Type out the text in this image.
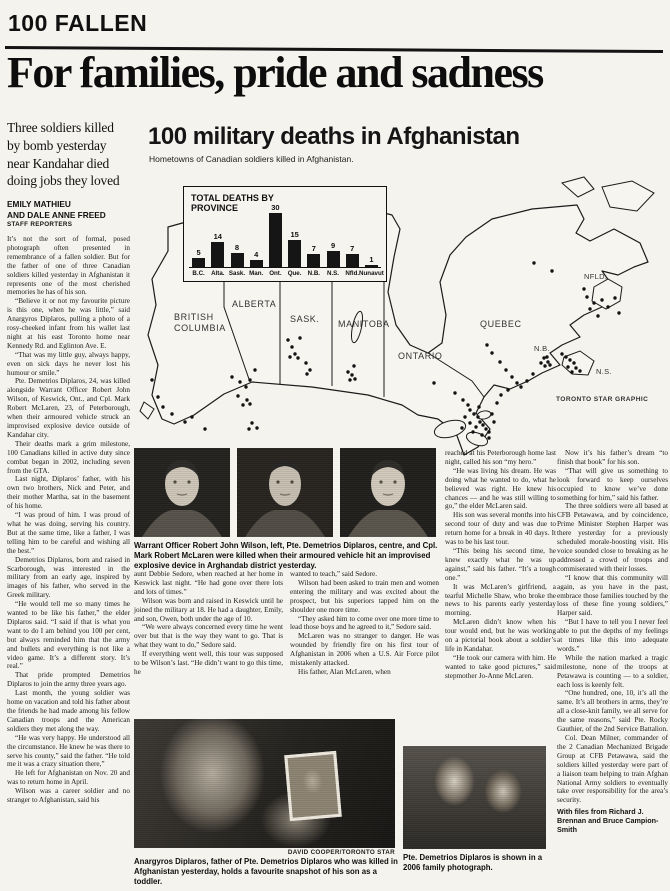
100 FALLEN
For families, pride and sadness
Three soldiers killed by bomb yesterday near Kandahar died doing jobs they loved
EMILY MATHIEU
AND DALE ANNE FREED
STAFF REPORTERS

It’s not the sort of formal, posed photograph often presented in remembrance of a fallen soldier. But for the father of one of three Canadian soldiers killed yesterday in Afghanistan it represents one of the most cherished memories he has of his son.

“Believe it or not my favourite picture is this one, when he was little,” said Anargyros Diplaros, pulling a photo of a rosy-cheeked infant from his wallet last night at his east Toronto home near Kennedy Rd. and Eglinton Ave. E.

“That was my little guy, always happy, even on sick days he never lost his humour or smile.”

Pte. Demetrios Diplaros, 24, was killed alongside Warrant Officer Robert John Wilson, of Keswick, Ont., and Cpl. Mark Robert McLaren, 23, of Peterborough, when their armoured vehicle struck an improvised explosive device outside of Kandahar city.

Their deaths mark a grim milestone, 100 Canadians killed in active duty since combat began in 2002, including seven from the GTA.

Last night, Diplaros’ father, with his own two brothers, Nick and Peter, and their mother Martha, sat in the basement of his home.

“I was proud of him. I was proud of what he was doing, serving his country. But at the same time, like a father, I was telling him to be careful and wishing all the best.”

Demetrios Diplaros, born and raised in Scarborough, was interested in the military from an early age, inspired by images of his father, who served in the Greek military.

“He would tell me so many times he wanted to be like his father,” the elder Diplaros said. “I said if that is what you want to do I am behind you 100 per cent, but always reminded him that the army and bullets and everything is not like a video game. It’s a different story. It’s real.”

That pride prompted Demetrios Diplaros to join the army three years ago.

Last month, the young soldier was home on vacation and told his father about the friends he had made among his fellow Canadian troops and the American soldiers they met along the way.

“He was very happy. He understood all the circumstance. He knew he was there to serve his county,” said the father. “He told me it was a crazy situation there,”

He left for Afghanistan on Nov. 20 and was to return home in April.

Wilson was a career soldier and no stranger to Afghanistan, said his

100 military deaths in Afghanistan
Hometowns of Canadian soldiers killed in Afghanistan.
BRITISH
COLUMBIA
ALBERTA
SASK. MANITOBA
ONTARIO
QUEBEC
N.B.
N.S.
NFLD.
TORONTO STAR GRAPHIC
TOTAL DEATHS BY PROVINCE
5
B.C.
14
Alta.
8
Sask.
4
Man.
30
Ont.
15
Que.
7
N.B.
9
N.S.
7
Nfld.
1
Nunavut
Warrant Officer Robert John Wilson, left, Pte. Demetrios Diplaros, centre, and Cpl. Mark Robert McLaren were killed when their armoured vehicle hit an improvised explosive device in Arghandab district yesterday.

aunt Debbie Sedore, when reached at her home in Keswick last night. “He had gone over there lots and lots of times.”

Wilson was born and raised in Keswick until he joined the military at 18. He had a daughter, Emily, and son, Owen, both under the age of 10.

“We were always concerned every time he went over but that is the way they want to go. That is what they want to do,” Sedore said.

If everything went well, this tour was supposed to be Wilson’s last. “He didn’t want to go this time, he

wanted to teach,” said Sedore.

Wilson had been asked to train men and women entering the military and was excited about the prospect, but his superiors tapped him on the shoulder one more time.

“They asked him to come over one more time to lead those boys and he agreed to it,” Sedore said.

McLaren was no stranger to danger. He was wounded by friendly fire on his first tour of Afghanistan in 2006 when a U.S. Air Force pilot mistakenly attacked.

His father, Alan McLaren, when

reached at his Peterborough home last night, called his son “my hero.”

“He was living his dream. He was doing what he wanted to do, what he believed was right. He knew his chances — and he was still willing to go,” the elder McLaren said.

His son was several months into his second tour of duty and was due to return home for a break in 40 days. It was to be his last tour.

“This being his second time, he knew exactly what he was up against,” said his father. “It’s a tough one.”

It was McLaren’s girlfriend, a tearful Michelle Shaw, who broke the news to his parents early yesterday morning.

McLaren didn’t know when his tour would end, but he was working on a pictorial book about a soldier’s life in Kandahar.

“He took our camera with him. He wanted to take good pictures,” said stepmother Jo-Anne McLaren.

Now it’s his father’s dream “to finish that book” for his son.

“That will give us something to look forward to keep ourselves occupied to know we’ve done something for him,” said his father.

The three soldiers were all based at CFB Petawawa, and by coincidence, Prime Minister Stephen Harper was there yesterday for a previously scheduled morale-boosting visit. His voice sounded close to breaking as he addressed a crowd of troops and commiserated with their losses.

“I know that this community will again, as you have in the past, embrace those families touched by the loss of these fine young soldiers,” Harper said.

“But I have to tell you I never feel able to put the depths of my feelings at times like this into adequate words.”

While the nation marked a tragic milestone, none of the troops at Petawawa is counting — to a soldier, each loss is keenly felt.

“One hundred, one, 10, it’s all the same. It’s all brothers in arms, they’re all a close-knit family, we all serve for the same reasons,” said Pte. Rocky Gauthier, of the 2nd Service Battalion.

Col. Dean Milner, commander of the 2 Canadian Mechanized Brigade Group at CFB Petawawa, said the soldiers killed yesterday were part of a liaison team helping to train Afghan National Army soldiers to eventually take over responsibility for the area’s security.

With files from Richard J. Brennan and Bruce Campion-Smith
DAVID COOPER/TORONTO STAR
Anargyros Diplaros, father of Pte. Demetrios Diplaros who was killed in Afghanistan yesterday, holds a favourite snapshot of his son as a toddler.
Pte. Demetrios Diplaros is shown in a 2006 family photograph.
